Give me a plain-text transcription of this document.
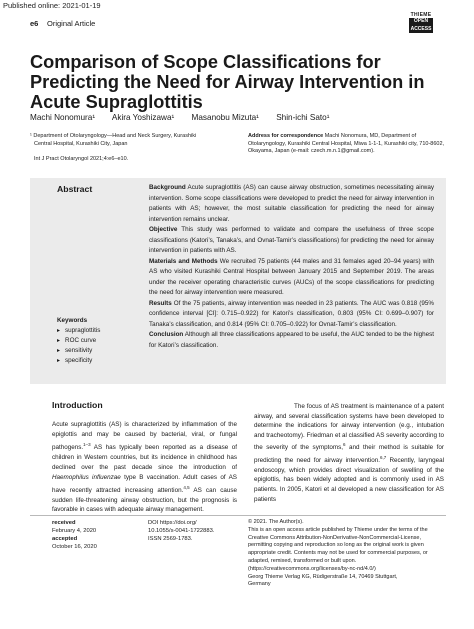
Published online: 2021-01-19
e6 Original Article
THIEME
OPEN
ACCESS
Comparison of Scope Classifications for
Predicting the Need for Airway Intervention in
Acute Supraglottitis
Machi Nonomura¹ Akira Yoshizawa¹ Masanobu Mizuta¹ Shin-ichi Sato¹
¹ Department of Otolaryngology—Head and Neck Surgery, Kurashiki
Central Hospital, Kurashiki City, Japan
Int J Pract Otolaryngol 2021;4:e6–e10.
Address for correspondence Machi Nonomura, MD, Department of Otolaryngology, Kurashiki Central Hospital, Miwa 1-1-1, Kurashiki city, 710-8602, Okayama, Japan (e-mail: czech.m.n.1@gmail.com).
Abstract	Background Acute supraglottitis (AS) can cause airway obstruction, sometimes necessitating airway intervention. Some scope classifications were developed to predict the need for airway intervention in patients with AS; however, the most suitable classification for predicting the need for airway intervention remains unclear.

Objective This study was performed to validate and compare the usefulness of three scope classifications (Katori’s, Tanaka’s, and Ovnat-Tamir’s classifications) for predicting the need for airway intervention in patients with AS.

Materials and Methods We recruited 75 patients (44 males and 31 females aged 20–94 years) with AS who visited Kurashiki Central Hospital between January 2015 and September 2019. The areas under the receiver operating characteristic curves (AUCs) of the scope classifications for predicting the need for airway intervention were measured.

Results Of the 75 patients, airway intervention was needed in 23 patients. The AUC was 0.818 (95% confidence interval [CI]: 0.715–0.922) for Katori’s classification, 0.803 (95% CI: 0.699–0.907) for Tanaka’s classification, and 0.814 (95% CI: 0.705–0.922) for Ovnat-Tamir’s classification.

Conclusion Although all three classifications appeared to be useful, the AUC tended to be the highest for Katori’s classification.

Keywords
▸ supraglottitis
▸ ROC curve
▸ sensitivity
▸ specificity
Introduction
Acute supraglottitis (AS) is characterized by inflammation of the epiglottis and may be caused by bacterial, viral, or fungal pathogens.$^{1-3}$ AS has typically been reported as a disease of children in Western countries, but its incidence in childhood has declined over the past decade since the introduction of Haemophilus influenzae type B vaccination. Adult cases of AS have recently attracted increasing attention.$^{4,5}$ AS can cause sudden life-threatening airway obstruction, but the prognosis is favorable in cases with adequate airway management.
The focus of AS treatment is maintenance of a patent airway, and several classification systems have been developed to determine the indications for airway intervention (e.g., intubation and tracheotomy). Friedman et al classified AS severity according to the severity of the symptoms,$^6$ and their method is suitable for predicting the need for airway intervention.$^{6,7}$ Recently, laryngeal endoscopy, which provides direct visualization of swelling of the epiglottis, has been widely adopted and is commonly used in AS patients. In 2005, Katori et al developed a new classification for AS patients
received
February 4, 2020
accepted
October 16, 2020
DOI https://doi.org/
10.1055/s-0041-1722883.
ISSN 2569-1783.
© 2021. The Author(s).
This is an open access article published by Thieme under the terms of the Creative Commons Attribution-NonDerivative-NonCommercial-License, permitting copying and reproduction so long as the original work is given appropriate credit. Contents may not be used for commercial purposes, or adapted, remixed, transformed or built upon. (https://creativecommons.org/licenses/by-nc-nd/4.0/)
Georg Thieme Verlag KG, Rüdigerstraße 14, 70469 Stuttgart,
Germany
